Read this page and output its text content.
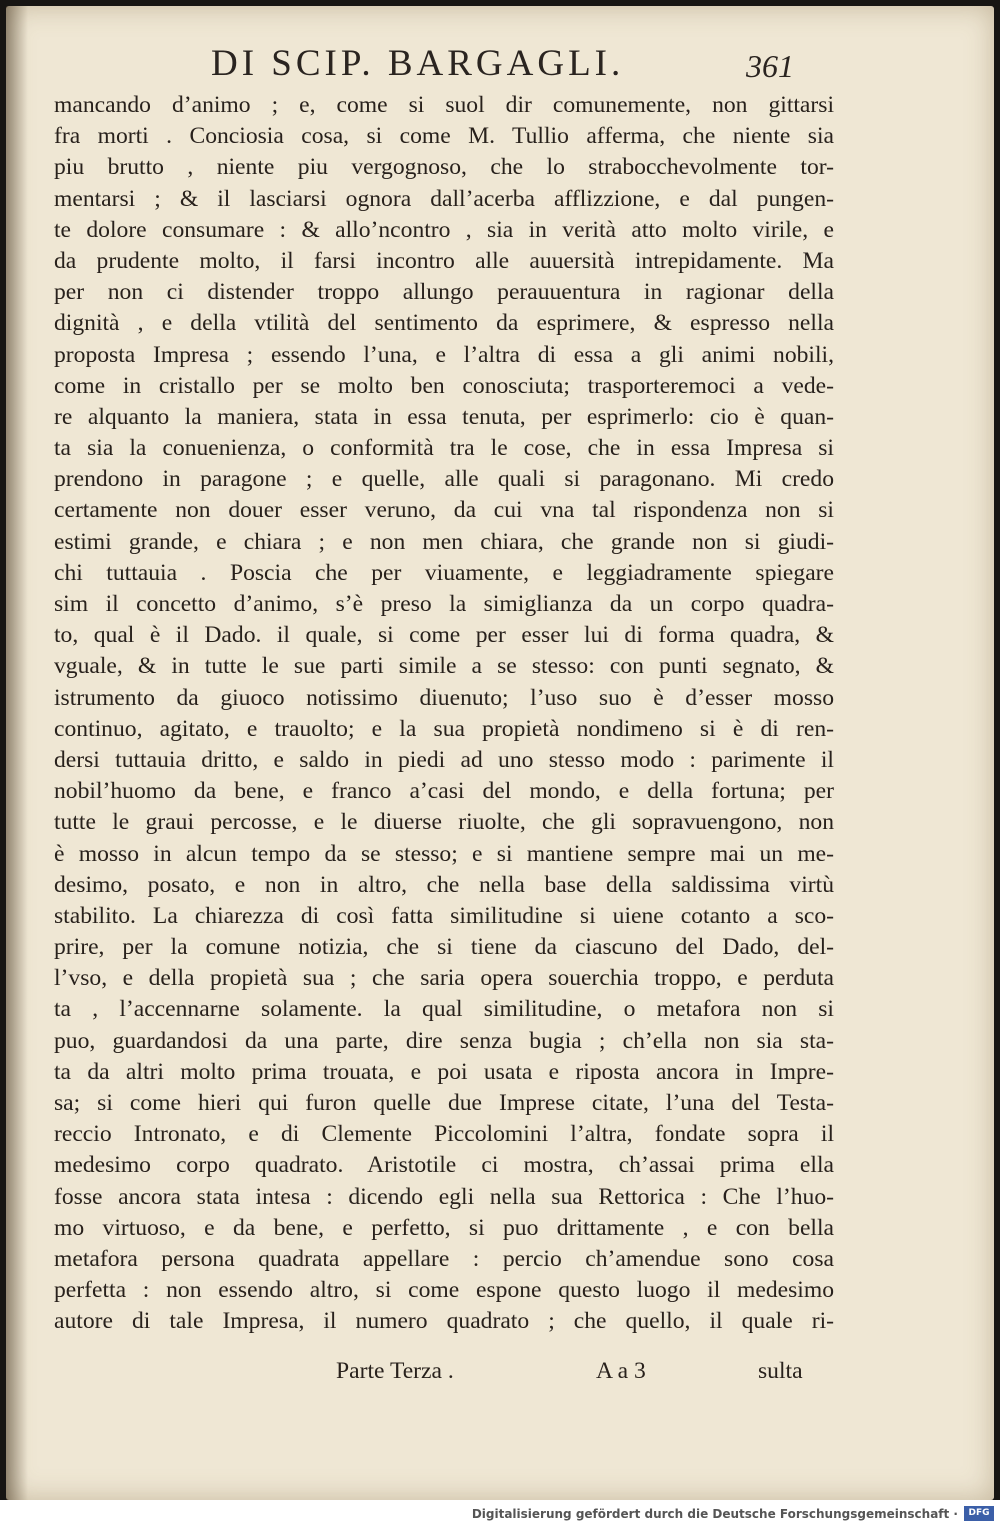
DI SCIP. BARGAGLI.	361
mancando d’animo ; e, come si suol dir comunemente, non gittarsi
fra morti . Conciosia cosa, si come M. Tullio afferma, che niente sia
piu brutto , niente piu vergognoso, che lo strabocchevolmente tor-
mentarsi ; & il lasciarsi ognora dall’acerba afflizzione, e dal pungen-
te dolore consumare : & allo’ncontro , sia in verità atto molto virile, e
da prudente molto, il farsi incontro alle auuersità intrepidamente. Ma
per non ci distender troppo allungo perauuentura in ragionar della
dignità , e della vtilità del sentimento da esprimere, & espresso nella
proposta Impresa ; essendo l’una, e l’altra di essa a gli animi nobili,
come in cristallo per se molto ben conosciuta; trasporteremoci a vede-
re alquanto la maniera, stata in essa tenuta, per esprimerlo: cio è quan-
ta sia la conuenienza, o conformità tra le cose, che in essa Impresa si
prendono in paragone ; e quelle, alle quali si paragonano. Mi credo
certamente non douer esser veruno, da cui vna tal rispondenza non si
estimi grande, e chiara ; e non men chiara, che grande non si giudi-
chi tuttauia . Poscia che per viuamente, e leggiadramente spiegare
sim il concetto d’animo, s’è preso la simiglianza da un corpo quadra-
to, qual è il Dado. il quale, si come per esser lui di forma quadra, &
vguale, & in tutte le sue parti simile a se stesso: con punti segnato, &
istrumento da giuoco notissimo diuenuto; l’uso suo è d’esser mosso
continuo, agitato, e trauolto; e la sua propietà nondimeno si è di ren-
dersi tuttauia dritto, e saldo in piedi ad uno stesso modo : parimente il
nobil’huomo da bene, e franco a’casi del mondo, e della fortuna; per
tutte le graui percosse, e le diuerse riuolte, che gli sopravuengono, non
è mosso in alcun tempo da se stesso; e si mantiene sempre mai un me-
desimo, posato, e non in altro, che nella base della saldissima virtù
stabilito. La chiarezza di così fatta similitudine si uiene cotanto a sco-
prire, per la comune notizia, che si tiene da ciascuno del Dado, del-
l’vso, e della propietà sua ; che saria opera souerchia troppo, e perduta
ta , l’accennarne solamente. la qual similitudine, o metafora non si
puo, guardandosi da una parte, dire senza bugia ; ch’ella non sia sta-
ta da altri molto prima trouata, e poi usata e riposta ancora in Impre-
sa; si come hieri qui furon quelle due Imprese citate, l’una del Testa-
reccio Intronato, e di Clemente Piccolomini l’altra, fondate sopra il
medesimo corpo quadrato. Aristotile ci mostra, ch’assai prima ella
fosse ancora stata intesa : dicendo egli nella sua Rettorica : Che l’huo-
mo virtuoso, e da bene, e perfetto, si puo drittamente , e con bella
metafora persona quadrata appellare : percio ch’amendue sono cosa
perfetta : non essendo altro, si come espone questo luogo il medesimo
autore di tale Impresa, il numero quadrato ; che quello, il quale ri-
Parte Terza .	A a 3	sulta
Digitalisierung gefördert durch die Deutsche Forschungsgemeinschaft ·	DFG
